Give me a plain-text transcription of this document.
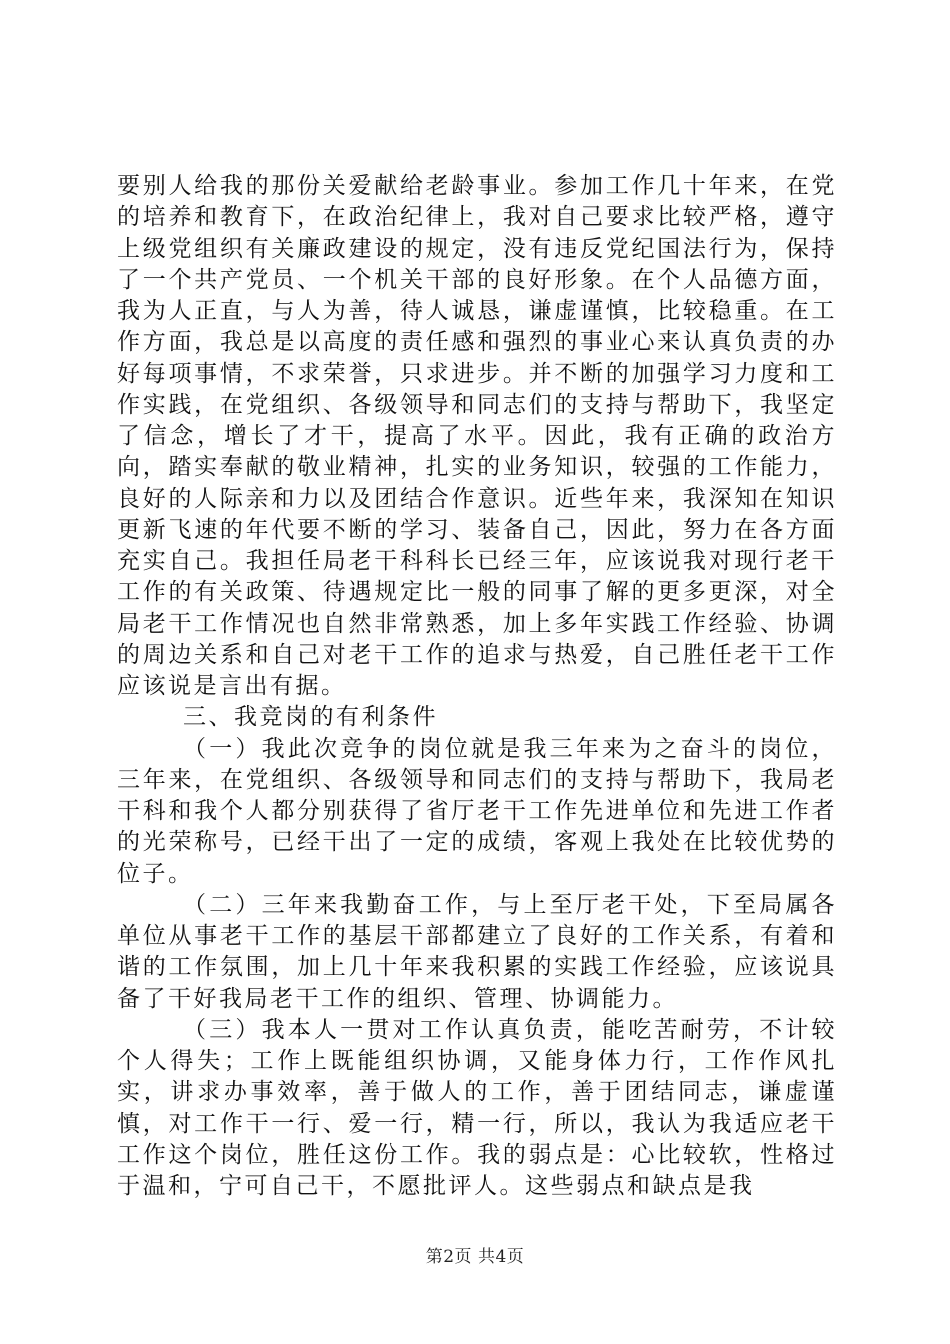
要别人给我的那份关爱献给老龄事业。参加工作几十年来，在党的培养和教育下，在政治纪律上，我对自己要求比较严格，遵守上级党组织有关廉政建设的规定，没有违反党纪国法行为，保持了一个共产党员、一个机关干部的良好形象。在个人品德方面，我为人正直，与人为善，待人诚恳，谦虚谨慎，比较稳重。在工作方面，我总是以高度的责任感和强烈的事业心来认真负责的办好每项事情，不求荣誉，只求进步。并不断的加强学习力度和工作实践，在党组织、各级领导和同志们的支持与帮助下，我坚定了信念，增长了才干，提高了水平。因此，我有正确的政治方向，踏实奉献的敬业精神，扎实的业务知识，较强的工作能力，良好的人际亲和力以及团结合作意识。近些年来，我深知在知识更新飞速的年代要不断的学习、装备自己，因此，努力在各方面充实自己。我担任局老干科科长已经三年，应该说我对现行老干工作的有关政策、待遇规定比一般的同事了解的更多更深，对全局老干工作情况也自然非常熟悉，加上多年实践工作经验、协调的周边关系和自己对老干工作的追求与热爱，自己胜任老干工作应该说是言出有据。

三、我竞岗的有利条件

（一）我此次竞争的岗位就是我三年来为之奋斗的岗位，三年来，在党组织、各级领导和同志们的支持与帮助下，我局老干科和我个人都分别获得了省厅老干工作先进单位和先进工作者的光荣称号，已经干出了一定的成绩，客观上我处在比较优势的位子。

（二）三年来我勤奋工作，与上至厅老干处，下至局属各单位从事老干工作的基层干部都建立了良好的工作关系，有着和谐的工作氛围，加上几十年来我积累的实践工作经验，应该说具备了干好我局老干工作的组织、管理、协调能力。

（三）我本人一贯对工作认真负责，能吃苦耐劳，不计较个人得失；工作上既能组织协调，又能身体力行，工作作风扎实，讲求办事效率，善于做人的工作，善于团结同志，谦虚谨慎，对工作干一行、爱一行，精一行，所以，我认为我适应老干工作这个岗位，胜任这份工作。我的弱点是：心比较软，性格过于温和，宁可自己干，不愿批评人。这些弱点和缺点是我

第2页 共4页
